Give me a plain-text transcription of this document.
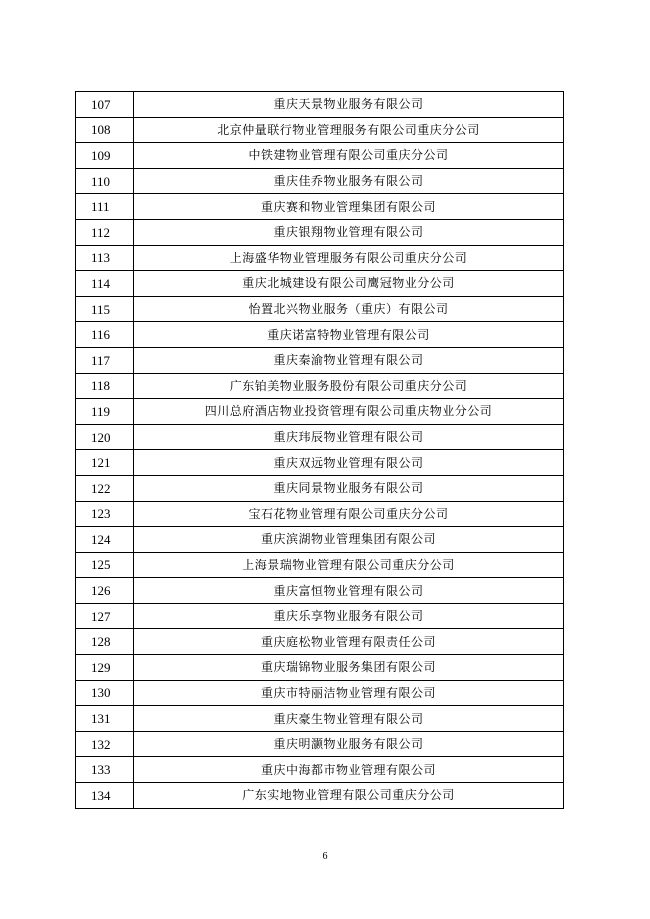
107	重庆天景物业服务有限公司
108	北京仲量联行物业管理服务有限公司重庆分公司
109	中铁建物业管理有限公司重庆分公司
110	重庆佳乔物业服务有限公司
111	重庆赛和物业管理集团有限公司
112	重庆银翔物业管理有限公司
113	上海盛华物业管理服务有限公司重庆分公司
114	重庆北城建设有限公司鹰冠物业分公司
115	怡置北兴物业服务（重庆）有限公司
116	重庆诺富特物业管理有限公司
117	重庆秦渝物业管理有限公司
118	广东铂美物业服务股份有限公司重庆分公司
119	四川总府酒店物业投资管理有限公司重庆物业分公司
120	重庆玮辰物业管理有限公司
121	重庆双远物业管理有限公司
122	重庆同景物业服务有限公司
123	宝石花物业管理有限公司重庆分公司
124	重庆滨湖物业管理集团有限公司
125	上海景瑞物业管理有限公司重庆分公司
126	重庆富恒物业管理有限公司
127	重庆乐享物业服务有限公司
128	重庆庭松物业管理有限责任公司
129	重庆瑞锦物业服务集团有限公司
130	重庆市特丽洁物业管理有限公司
131	重庆豪生物业管理有限公司
132	重庆明灏物业服务有限公司
133	重庆中海都市物业管理有限公司
134	广东实地物业管理有限公司重庆分公司
6
